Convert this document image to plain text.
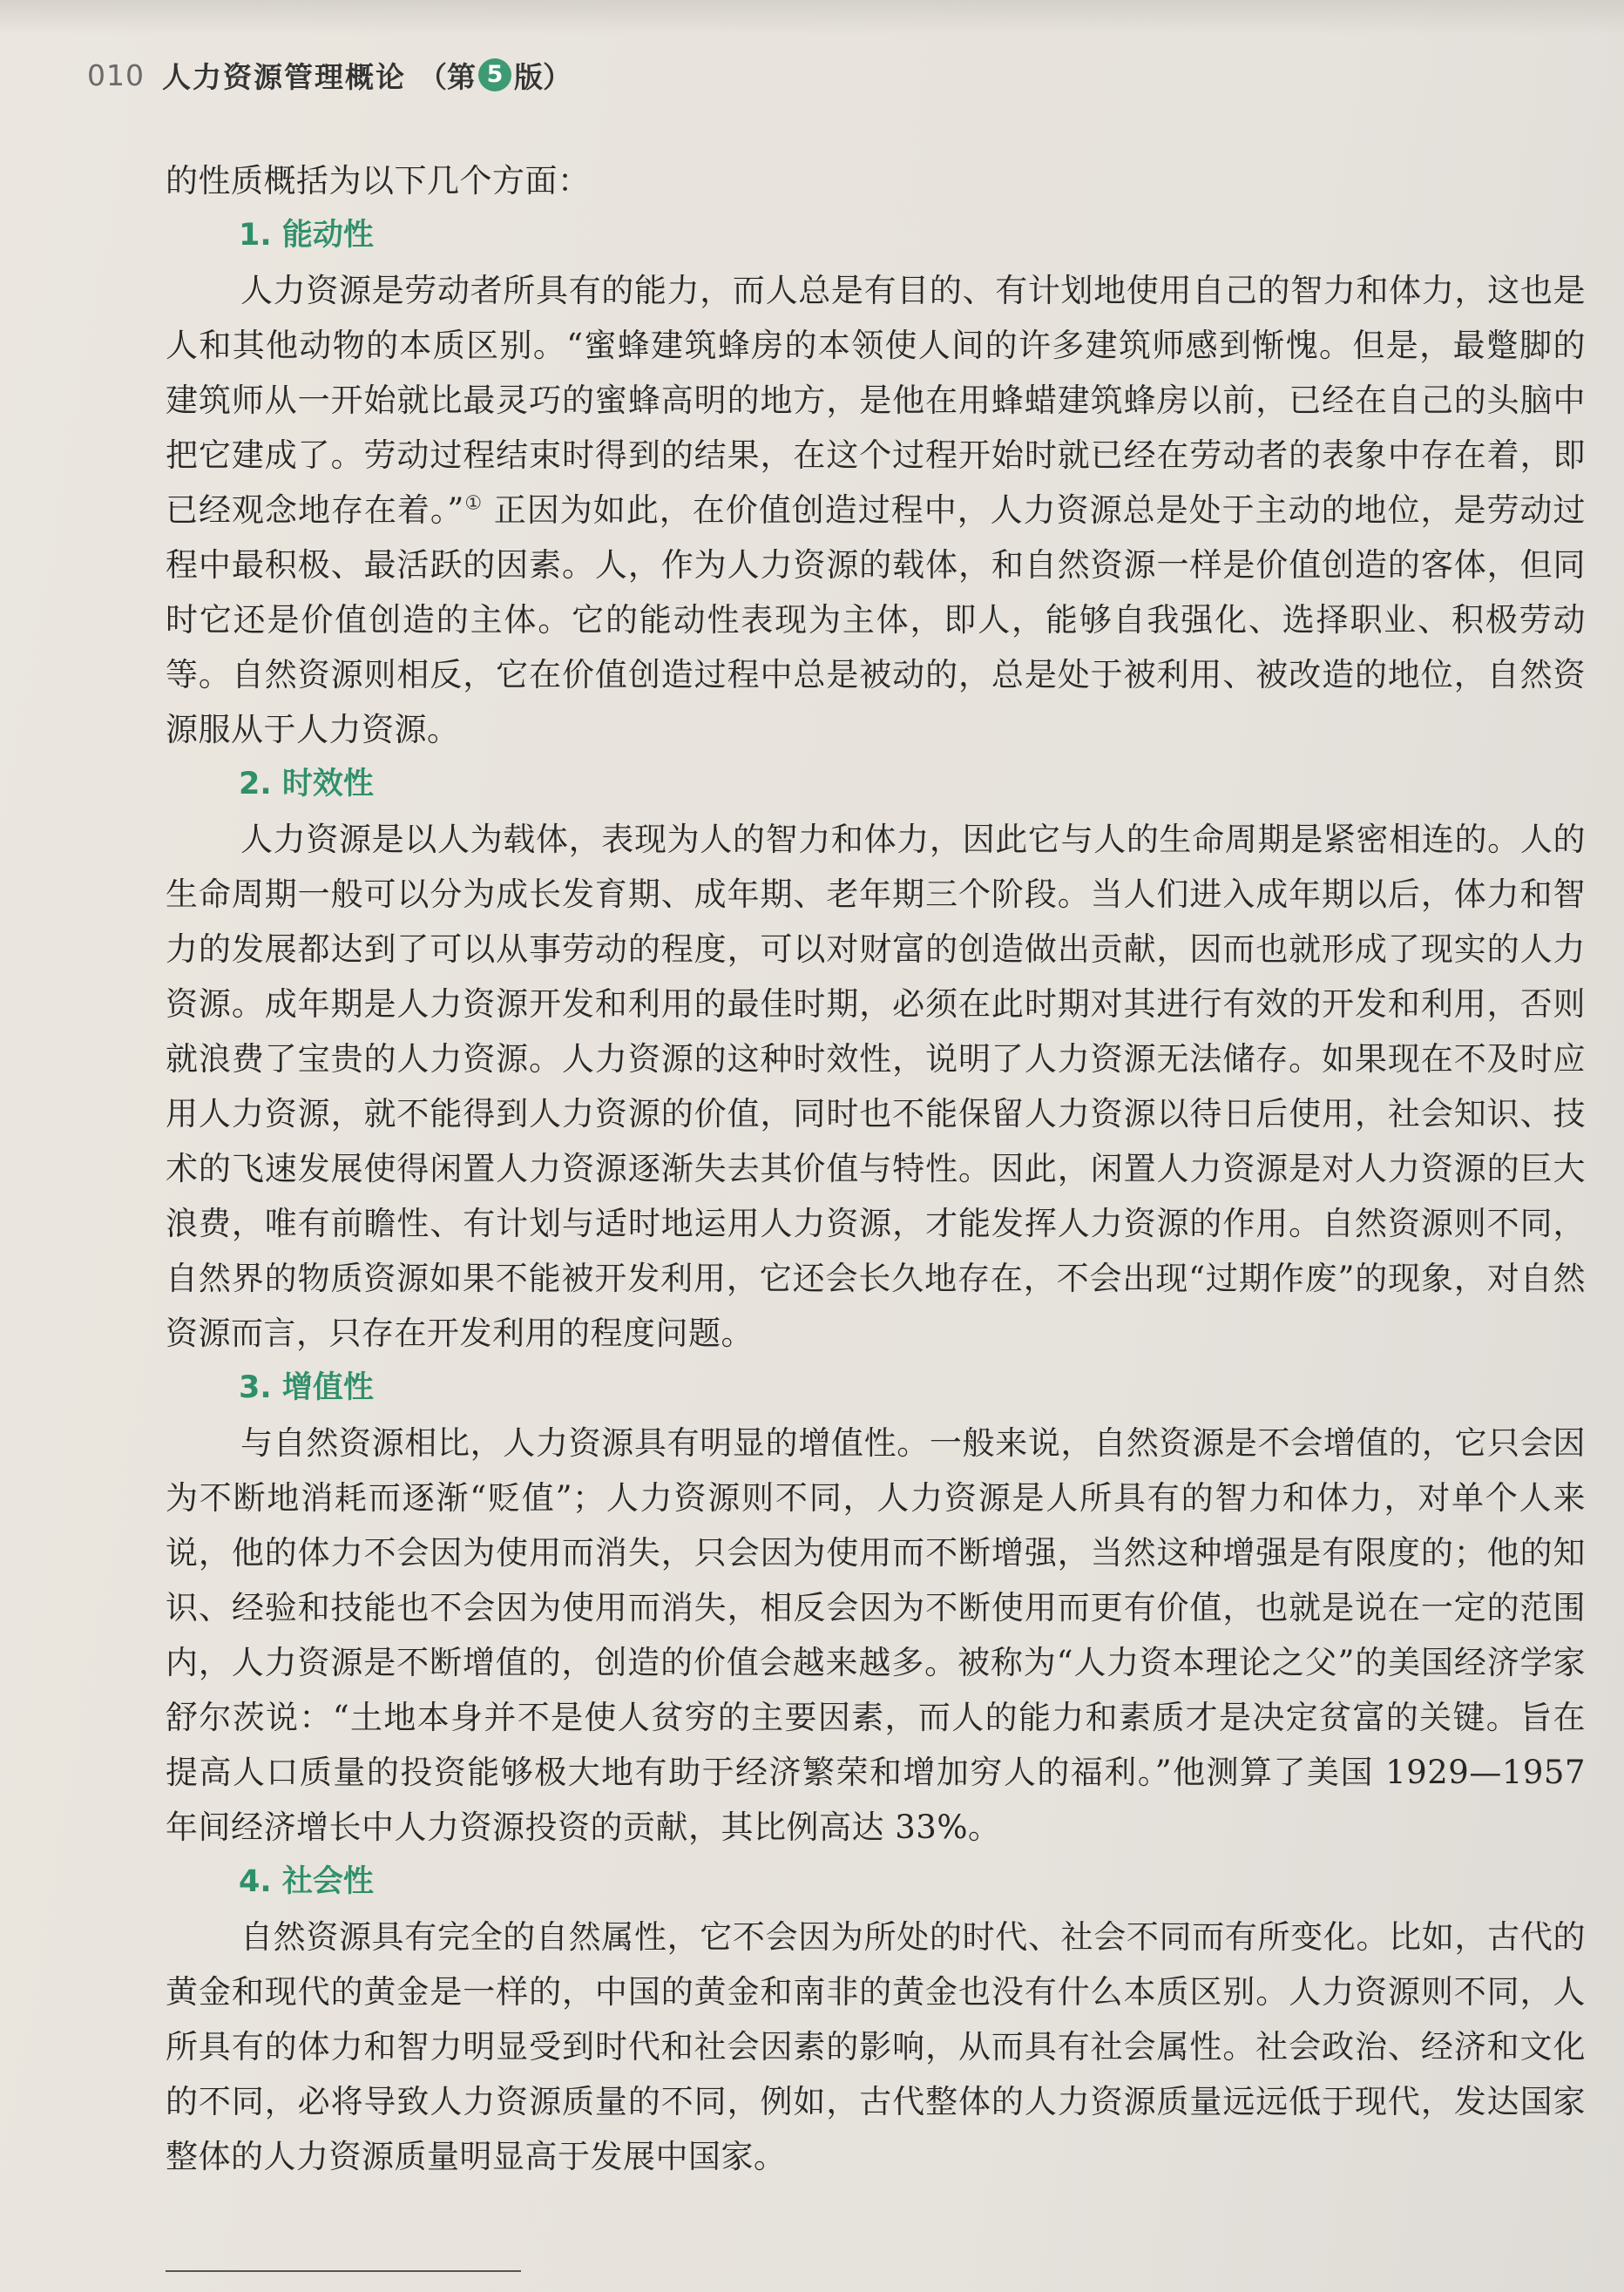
010 人力资源管理概论 （第 5 版）

的性质概括为以下几个方面：

1. 能动性

人力资源是劳动者所具有的能力，而人总是有目的、有计划地使用自己的智力和体力，这也是人和其他动物的本质区别。“蜜蜂建筑蜂房的本领使人间的许多建筑师感到惭愧。但是，最蹩脚的建筑师从一开始就比最灵巧的蜜蜂高明的地方，是他在用蜂蜡建筑蜂房以前，已经在自己的头脑中把它建成了。劳动过程结束时得到的结果，在这个过程开始时就已经在劳动者的表象中存在着，即已经观念地存在着。”① 正因为如此，在价值创造过程中，人力资源总是处于主动的地位，是劳动过程中最积极、最活跃的因素。人，作为人力资源的载体，和自然资源一样是价值创造的客体，但同时它还是价值创造的主体。它的能动性表现为主体，即人，能够自我强化、选择职业、积极劳动等。自然资源则相反，它在价值创造过程中总是被动的，总是处于被利用、被改造的地位，自然资源服从于人力资源。

2. 时效性

人力资源是以人为载体，表现为人的智力和体力，因此它与人的生命周期是紧密相连的。人的生命周期一般可以分为成长发育期、成年期、老年期三个阶段。当人们进入成年期以后，体力和智力的发展都达到了可以从事劳动的程度，可以对财富的创造做出贡献，因而也就形成了现实的人力资源。成年期是人力资源开发和利用的最佳时期，必须在此时期对其进行有效的开发和利用，否则就浪费了宝贵的人力资源。人力资源的这种时效性，说明了人力资源无法储存。如果现在不及时应用人力资源，就不能得到人力资源的价值，同时也不能保留人力资源以待日后使用，社会知识、技术的飞速发展使得闲置人力资源逐渐失去其价值与特性。因此，闲置人力资源是对人力资源的巨大浪费，唯有前瞻性、有计划与适时地运用人力资源，才能发挥人力资源的作用。自然资源则不同，自然界的物质资源如果不能被开发利用，它还会长久地存在，不会出现“过期作废”的现象，对自然资源而言，只存在开发利用的程度问题。

3. 增值性

与自然资源相比，人力资源具有明显的增值性。一般来说，自然资源是不会增值的，它只会因为不断地消耗而逐渐“贬值”；人力资源则不同，人力资源是人所具有的智力和体力，对单个人来说，他的体力不会因为使用而消失，只会因为使用而不断增强，当然这种增强是有限度的；他的知识、经验和技能也不会因为使用而消失，相反会因为不断使用而更有价值，也就是说在一定的范围内，人力资源是不断增值的，创造的价值会越来越多。被称为“人力资本理论之父”的美国经济学家舒尔茨说：“土地本身并不是使人贫穷的主要因素，而人的能力和素质才是决定贫富的关键。旨在提高人口质量的投资能够极大地有助于经济繁荣和增加穷人的福利。”他测算了美国 1929—1957 年间经济增长中人力资源投资的贡献，其比例高达 33%。

4. 社会性

自然资源具有完全的自然属性，它不会因为所处的时代、社会不同而有所变化。比如，古代的黄金和现代的黄金是一样的，中国的黄金和南非的黄金也没有什么本质区别。人力资源则不同，人所具有的体力和智力明显受到时代和社会因素的影响，从而具有社会属性。社会政治、经济和文化的不同，必将导致人力资源质量的不同，例如，古代整体的人力资源质量远远低于现代，发达国家整体的人力资源质量明显高于发展中国家。
